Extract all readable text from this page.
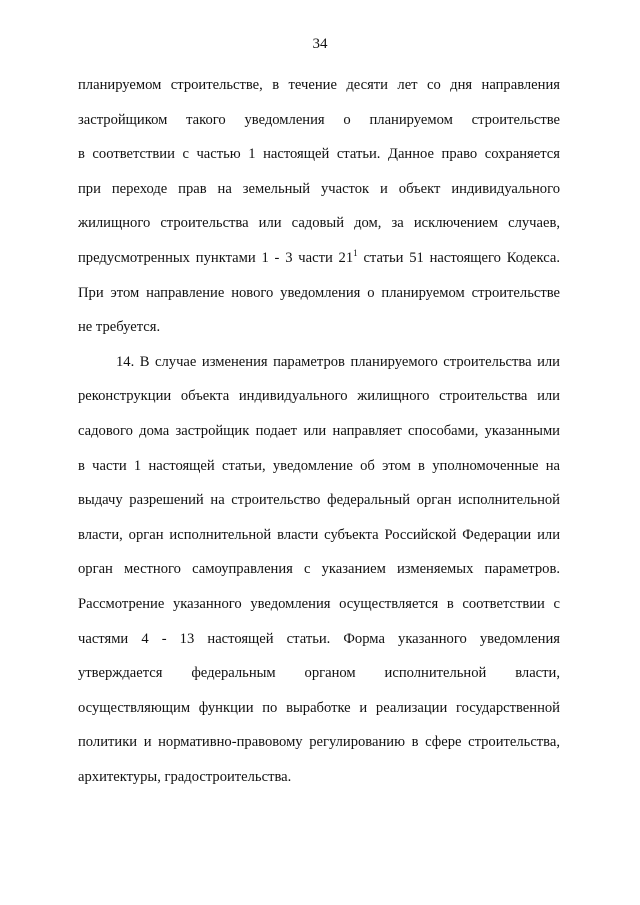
34
планируемом строительстве, в течение десяти лет со дня направления
застройщиком такого уведомления о планируемом строительстве
в соответствии с частью 1 настоящей статьи. Данное право сохраняется
при переходе прав на земельный участок и объект индивидуального
жилищного строительства или садовый дом, за исключением случаев,
предусмотренных пунктами 1 - 3 части $21^1$ статьи 51 настоящего Кодекса.
При этом направление нового уведомления о планируемом строительстве
не требуется.
14. В случае изменения параметров планируемого строительства или
реконструкции объекта индивидуального жилищного строительства или
садового дома застройщик подает или направляет способами, указанными
в части 1 настоящей статьи, уведомление об этом в уполномоченные на
выдачу разрешений на строительство федеральный орган исполнительной
власти, орган исполнительной власти субъекта Российской Федерации или
орган местного самоуправления с указанием изменяемых параметров.
Рассмотрение указанного уведомления осуществляется в соответствии с
частями 4 - 13 настоящей статьи. Форма указанного уведомления
утверждается федеральным органом исполнительной власти,
осуществляющим функции по выработке и реализации государственной
политики и нормативно-правовому регулированию в сфере строительства,
архитектуры, градостроительства.
